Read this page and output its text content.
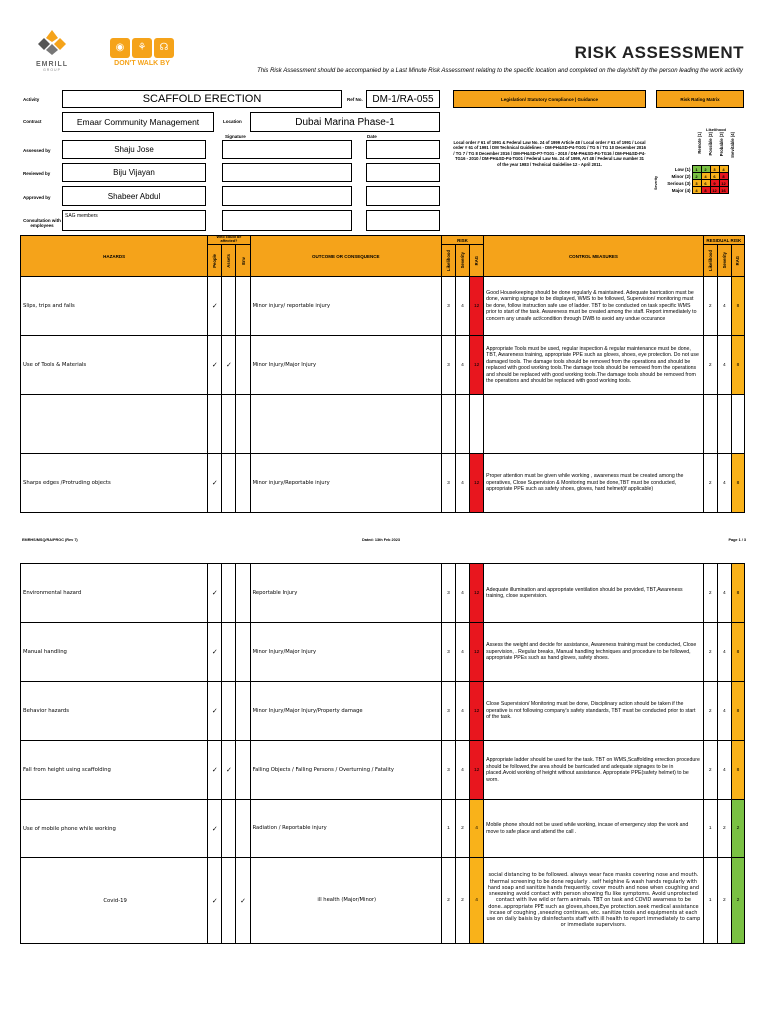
EMRILL
GROUP
◉	⚘	☊
DON'T WALK BY
RISK ASSESSMENT
This Risk Assessment should be accompanied by a Last Minute Risk Assessment relating to the specific location and completed on the day/shift by the person leading the work activity
Activity	SCAFFOLD ERECTION	Ref No. DM-1/RA-055
Contract	Emaar Community Management	Location	Dubai Marina Phase-1
Signature	Date
Assessed by	Shaju Jose
Reviewed by	Biju Vijayan
Approved by	Shabeer Abdul
Consultation with employees
SAG members
Legislation/ Statutory Compliance | Guidance
Local order # 61 of 1991 & Federal Law No. 24 of 1999 Article 48 / Local order # 61 of 1991 / Local order # 61 of 1991 / DM Technical Guidelines - DM-PH&SD-P4-TG01 / TG 5 / TG 10 December 2016 / TG 7 / TG 8 December 2016 / DM-PH&SD-P7-TG01 - 2010 / DM-PH&SD-P4-TG16 / DM-PH&SD-P4-TG16 - 2010 / DM-PH&SD-P4-TG01 / Federal Law No. 24 of 1999, Art 48 / Federal Law number 31 of the year 1983 / Technical Guideline 12 - April 2011.
Risk Rating Matrix
Likelihood
Remote (1) Possible (2) Probable (3) Inevitable (4)
Severity
Low (1)	1	2	3	4
Minor (2)	2	4	6	8
Serious (3)	3	6	9	12
Major (4)	4	8	12	16
HAZARDS	Who could be affected?			OUTCOME OR CONSEQUENCE	RISK			CONTROL MEASURES	RESIDUAL RISK		

	People	Assets	Env		Likelihood	Severity	RAG		Likelihood	Severity	RAG

Slips, trips and falls	✓			Minor injury/ reportable injury	3	4	12	Good Housekeeping should be done regularly & maintained. Adequate barrication must be done, warning signage to be displayed, WMS to be followed, Supervision/ monitoring must be done, follow instruction safe use of ladder. TBT to be conducted on task specific WMS prior to start of the task. Awareness must be created among the staff. Report immediately to concern any unsafe act/condition through DWB to avoid any undue occurance	2	4	8
Use of Tools & Materials	✓	✓		Minor Injury/Major Injury	3	4	12	Appropriate Tools must be used, regular inspection & regular maintenance must be done, TBT, Awareness training, appropriate PPE such as gloves, shoes, eye protection. Do not use damaged tools. The damage tools should be removed from the operations and should be replaced with good working tools.The damage tools should be removed from the operations and should be replaced with good working tools.The damage tools should be removed from the operations and should be replaced with good working tools.	2	4	8

Sharps edges /Protruding objects	✓			Minor injury/Reportable injury	3	4	12	Proper attention must be given while working , awareness must be created among the operatives, Close Supervision & Monitoring must be done,TBT must be conducted, appropriate PPE such as safety shoes, gloves, hard helmet(if applicable)	2	4	8
EMRHS/MSQ/RA/PROC (Rev 7)	Dated: 13th Feb 2023	Page 1 / 3
Environmental hazard	✓			Reportable Injury	3	4	12	Adequate illumination and appropriate ventilation should be provided, TBT,Awareness training, close supervision.	2	4	8
Manual handling	✓			Minor Injury/Major Injury	3	4	12	Assess the weight and decide for assistance, Awareness training must be conducted, Close supervision, . Regular breaks, Manual handling techniques and procedure to be followed, appropriate PPEs such as hand gloves, safety shoes.	2	4	8
Behavior hazards	✓			Minor Injury/Major Injury/Property damage	3	4	12	Close Supervision/ Monitoring must be done, Disciplinary action should be taken if the operative is not following company's safety standards, TBT must be conducted prior to start of the task.	2	4	8
Fall from height using scaffolding	✓	✓		Falling Objects / Falling Persons / Overturning / Fatality	3	4	12	Appropriate ladder should be used for the task. TBT on WMS,Scaffolding errection procedure should be followed,the area should be barricaded and adequate signages to be in placed.Avoid working of height without assistance. Appropriate PPE(safety helmet) to be worn.	2	4	8
Use of mobile phone while working	✓			Radiation / Reportable injury	1	2	4	Mobile phone should not be used while working, incase of emergency stop the work and move to safe place and attend the call .	1	2	2
Covid-19	✓		✓	ill health (Major/Minor)	2	2	4	social distancing to be followed. always wear face masks covering nose and mouth. thermal screening to be done regularly . self heighine & wash hands regularly with hand soap and sanitize hands frequently. cover mouth and nose when coughing and sneezeing avoid contact with person showing flu like symptoms. Avoid unprotected contact with live wild or farm animals. TBT on task and COVID awarness to be done..appropriate PPE such as gloves,shoes,Eye protection.seek medical assistance incase of coughing ,sneezing continues, etc. sanitize tools and equipments at each use on daily baisis by disinfectants staff with ill health to report immediately to camp or immediate supervisors.	1	2	2
